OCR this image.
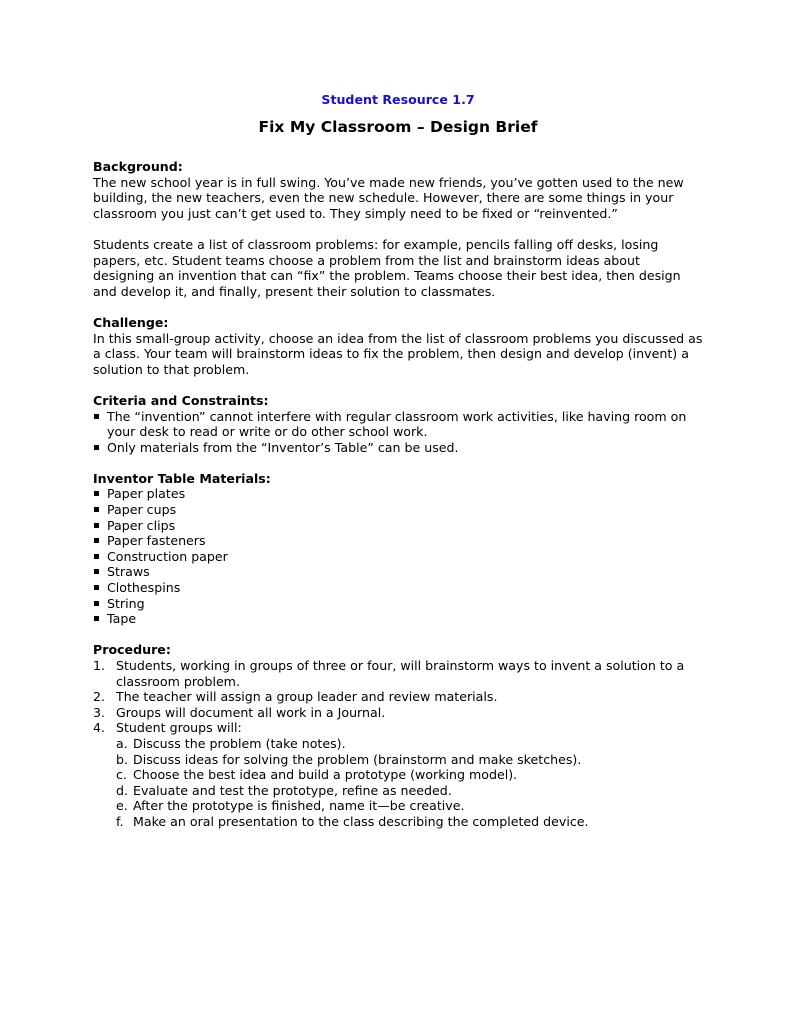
Student Resource 1.7

Fix My Classroom – Design Brief
Background:

The new school year is in full swing. You’ve made new friends, you’ve gotten used to the new building, the new teachers, even the new schedule. However, there are some things in your classroom you just can’t get used to. They simply need to be fixed or “reinvented.”

Students create a list of classroom problems: for example, pencils falling off desks, losing papers, etc. Student teams choose a problem from the list and brainstorm ideas about designing an invention that can “fix” the problem. Teams choose their best idea, then design and develop it, and finally, present their solution to classmates.

Challenge:

In this small-group activity, choose an idea from the list of classroom problems you discussed as a class. Your team will brainstorm ideas to fix the problem, then design and develop (invent) a solution to that problem.

Criteria and Constraints:
The “invention” cannot interfere with regular classroom work activities, like having room on your desk to read or write or do other school work.
Only materials from the “Inventor’s Table” can be used.
Inventor Table Materials:
Paper plates
Paper cups
Paper clips
Paper fasteners
Construction paper
Straws
Clothespins
String
Tape
Procedure:
1. Students, working in groups of three or four, will brainstorm ways to invent a solution to a classroom problem.
2. The teacher will assign a group leader and review materials.
3. Groups will document all work in a Journal.
4. Student groups will:
a. Discuss the problem (take notes).
b. Discuss ideas for solving the problem (brainstorm and make sketches).
c. Choose the best idea and build a prototype (working model).
d. Evaluate and test the prototype, refine as needed.
e. After the prototype is finished, name it—be creative.
f. Make an oral presentation to the class describing the completed device.
